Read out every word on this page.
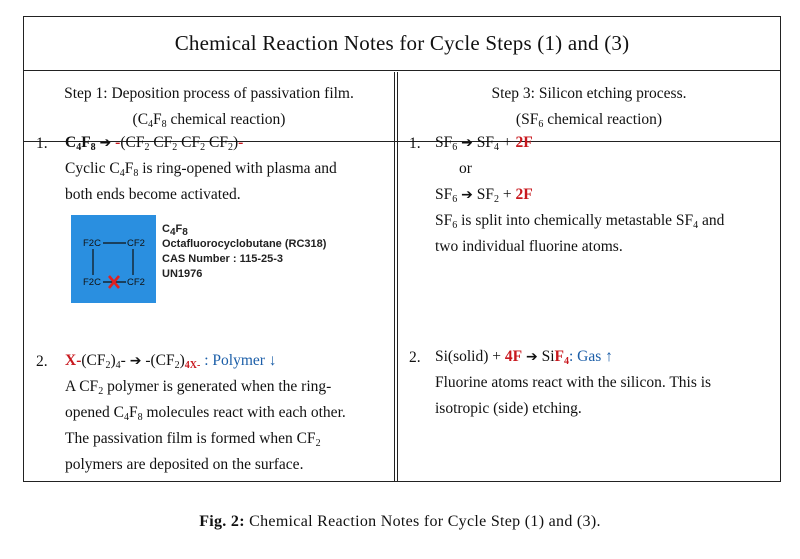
Chemical Reaction Notes for Cycle Steps (1) and (3)
Step 1: Deposition process of passivation film.
($C_4F_8$ chemical reaction)
Step 3: Silicon etching process.
($SF_6$ chemical reaction)
1. $C_4F_8$ ➔ $-(CF_2$ $CF_2$ $CF_2$ $CF_2)-$
Cyclic $C_4F_8$ is ring-opened with plasma and
both ends become activated.
F2C	CF2
F2C	CF2
$C_4F_8$
Octafluorocyclobutane (RC318)
CAS Number : 115-25-3
UN1976
2. $X-(CF_2)_4-$ ➔ $-(CF_2)_{4X-}$ : Polymer ↓
A $CF_2$ polymer is generated when the ring-
opened $C_4F_8$ molecules react with each other.
The passivation film is formed when $CF_2$
polymers are deposited on the surface.
1. $SF_6$ ➔ $SF_4 + 2F$
or
$SF_6$ ➔ $SF_2 + 2F$
$SF_6$ is split into chemically metastable $SF_4$ and
two individual fluorine atoms.
2. Si(solid) + 4F ➔ SiF$_4$: Gas ↑
Fluorine atoms react with the silicon. This is
isotropic (side) etching.
Fig. 2: Chemical Reaction Notes for Cycle Step (1) and (3).
